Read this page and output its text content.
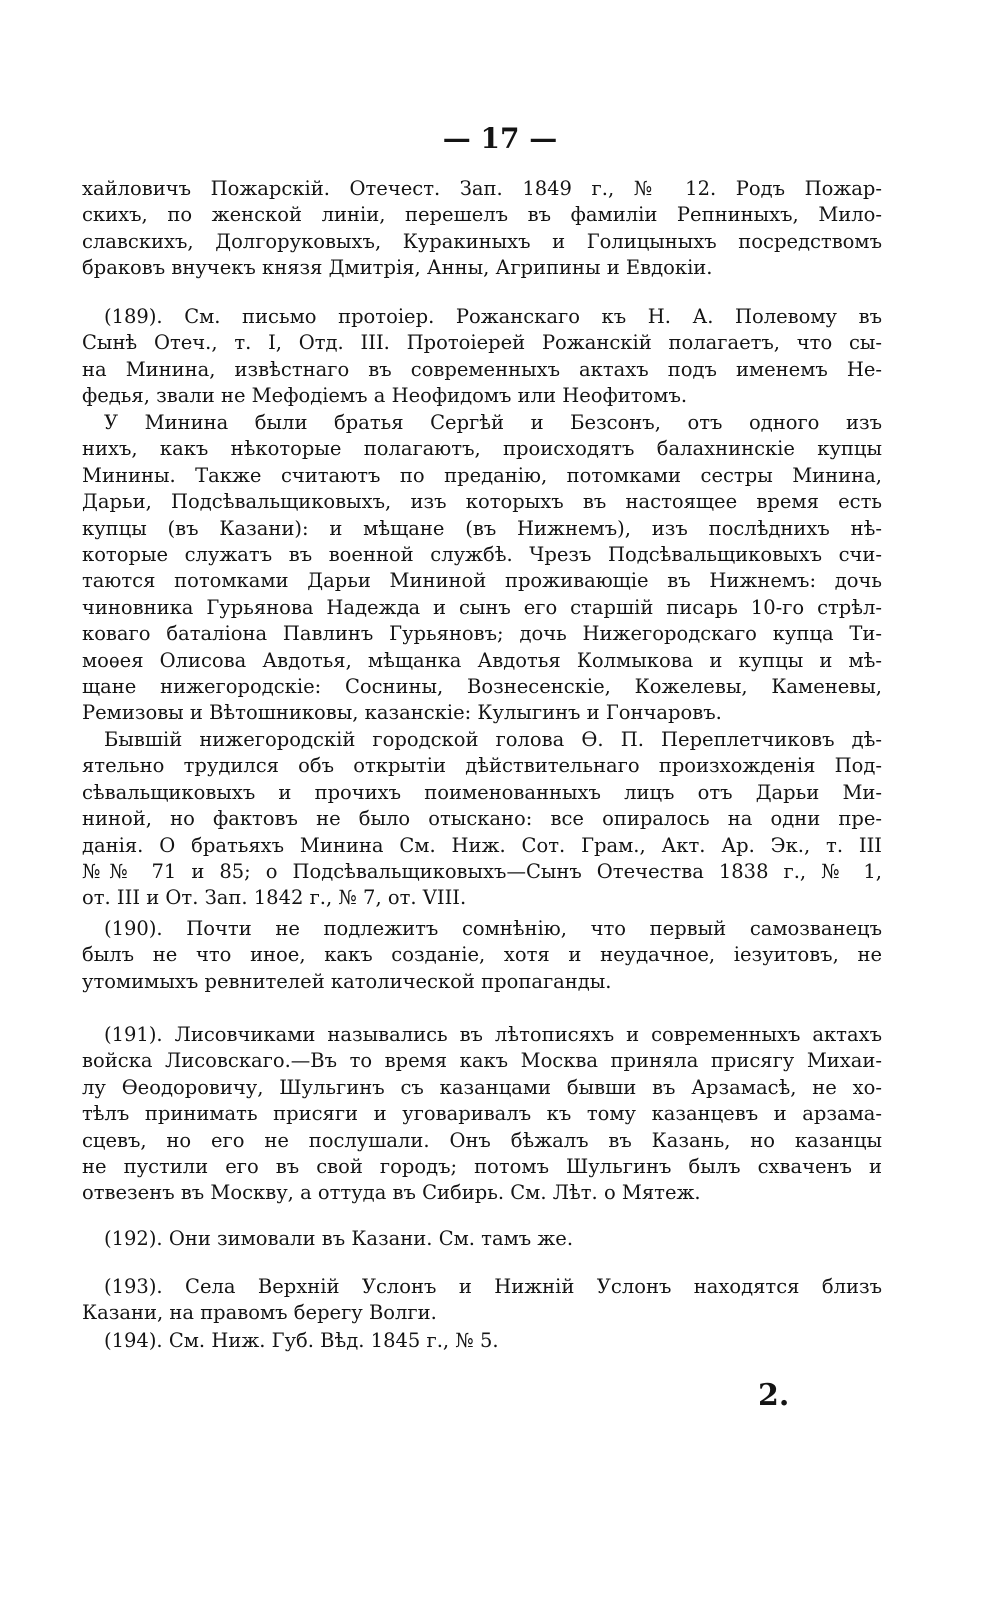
— 17 —
хайловичъ Пожарскій. Отечест. Зап. 1849 г., № 12. Родъ Пожар-
скихъ, по женской линіи, перешелъ въ фамиліи Репниныхъ, Мило-
славскихъ, Долгоруковыхъ, Куракиныхъ и Голицыныхъ посредствомъ
браковъ внучекъ князя Дмитрія, Анны, Агрипины и Евдокіи.
(189). См. письмо протоіер. Рожанскаго къ Н. А. Полевому въ
Сынѣ Отеч., т. I, Отд. III. Протоіерей Рожанскій полагаетъ, что сы-
на Минина, извѣстнаго въ современныхъ актахъ подъ именемъ Не-
федья, звали не Мефодіемъ а Неофидомъ или Неофитомъ.
У Минина были братья Сергѣй и Безсонъ, отъ одного изъ
нихъ, какъ нѣкоторые полагаютъ, происходятъ балахнинскіе купцы
Минины. Также считаютъ по преданію, потомками сестры Минина,
Дарьи, Подсѣвальщиковыхъ, изъ которыхъ въ настоящее время есть
купцы (въ Казани): и мѣщане (въ Нижнемъ), изъ послѣднихъ нѣ-
которые служатъ въ военной службѣ. Чрезъ Подсѣвальщиковыхъ счи-
таются потомками Дарьи Мининой проживающіе въ Нижнемъ: дочь
чиновника Гурьянова Надежда и сынъ его старшій писарь 10-го стрѣл-
коваго баталіона Павлинъ Гурьяновъ; дочь Нижегородскаго купца Ти-
моѳея Олисова Авдотья, мѣщанка Авдотья Колмыкова и купцы и мѣ-
щане нижегородскіе: Соснины, Вознесенскіе, Кожелевы, Каменевы,
Ремизовы и Вѣтошниковы, казанскіе: Кулыгинъ и Гончаровъ.
Бывшій нижегородскій городской голова Ѳ. П. Переплетчиковъ дѣ-
ятельно трудился объ открытіи дѣйствительнаго произхожденія Под-
сѣвальщиковыхъ и прочихъ поименованныхъ лицъ отъ Дарьи Ми-
ниной, но фактовъ не было отыскано: все опиралось на одни пре-
данія. О братьяхъ Минина См. Ниж. Сот. Грам., Акт. Ар. Эк., т. III
№№ 71 и 85; о Подсѣвальщиковыхъ—Сынъ Отечества 1838 г., № 1,
от. III и От. Зап. 1842 г., № 7, от. VIII.
(190). Почти не подлежитъ сомнѣнію, что первый самозванецъ
былъ не что иное, какъ созданіе, хотя и неудачное, іезуитовъ, не
утомимыхъ ревнителей католической пропаганды.
(191). Лисовчиками назывались въ лѣтописяхъ и современныхъ актахъ
войска Лисовскаго.—Въ то время какъ Москва приняла присягу Михаи-
лу Ѳеодоровичу, Шульгинъ съ казанцами бывши въ Арзамасѣ, не хо-
тѣлъ принимать присяги и уговаривалъ къ тому казанцевъ и арзама-
сцевъ, но его не послушали. Онъ бѣжалъ въ Казань, но казанцы
не пустили его въ свой городъ; потомъ Шульгинъ былъ схваченъ и
отвезенъ въ Москву, а оттуда въ Сибирь. См. Лѣт. о Мятеж.
(192). Они зимовали въ Казани. См. тамъ же.
(193). Села Верхній Услонъ и Нижній Услонъ находятся близъ
Казани, на правомъ берегу Волги.
(194). См. Ниж. Губ. Вѣд. 1845 г., № 5.
2.
